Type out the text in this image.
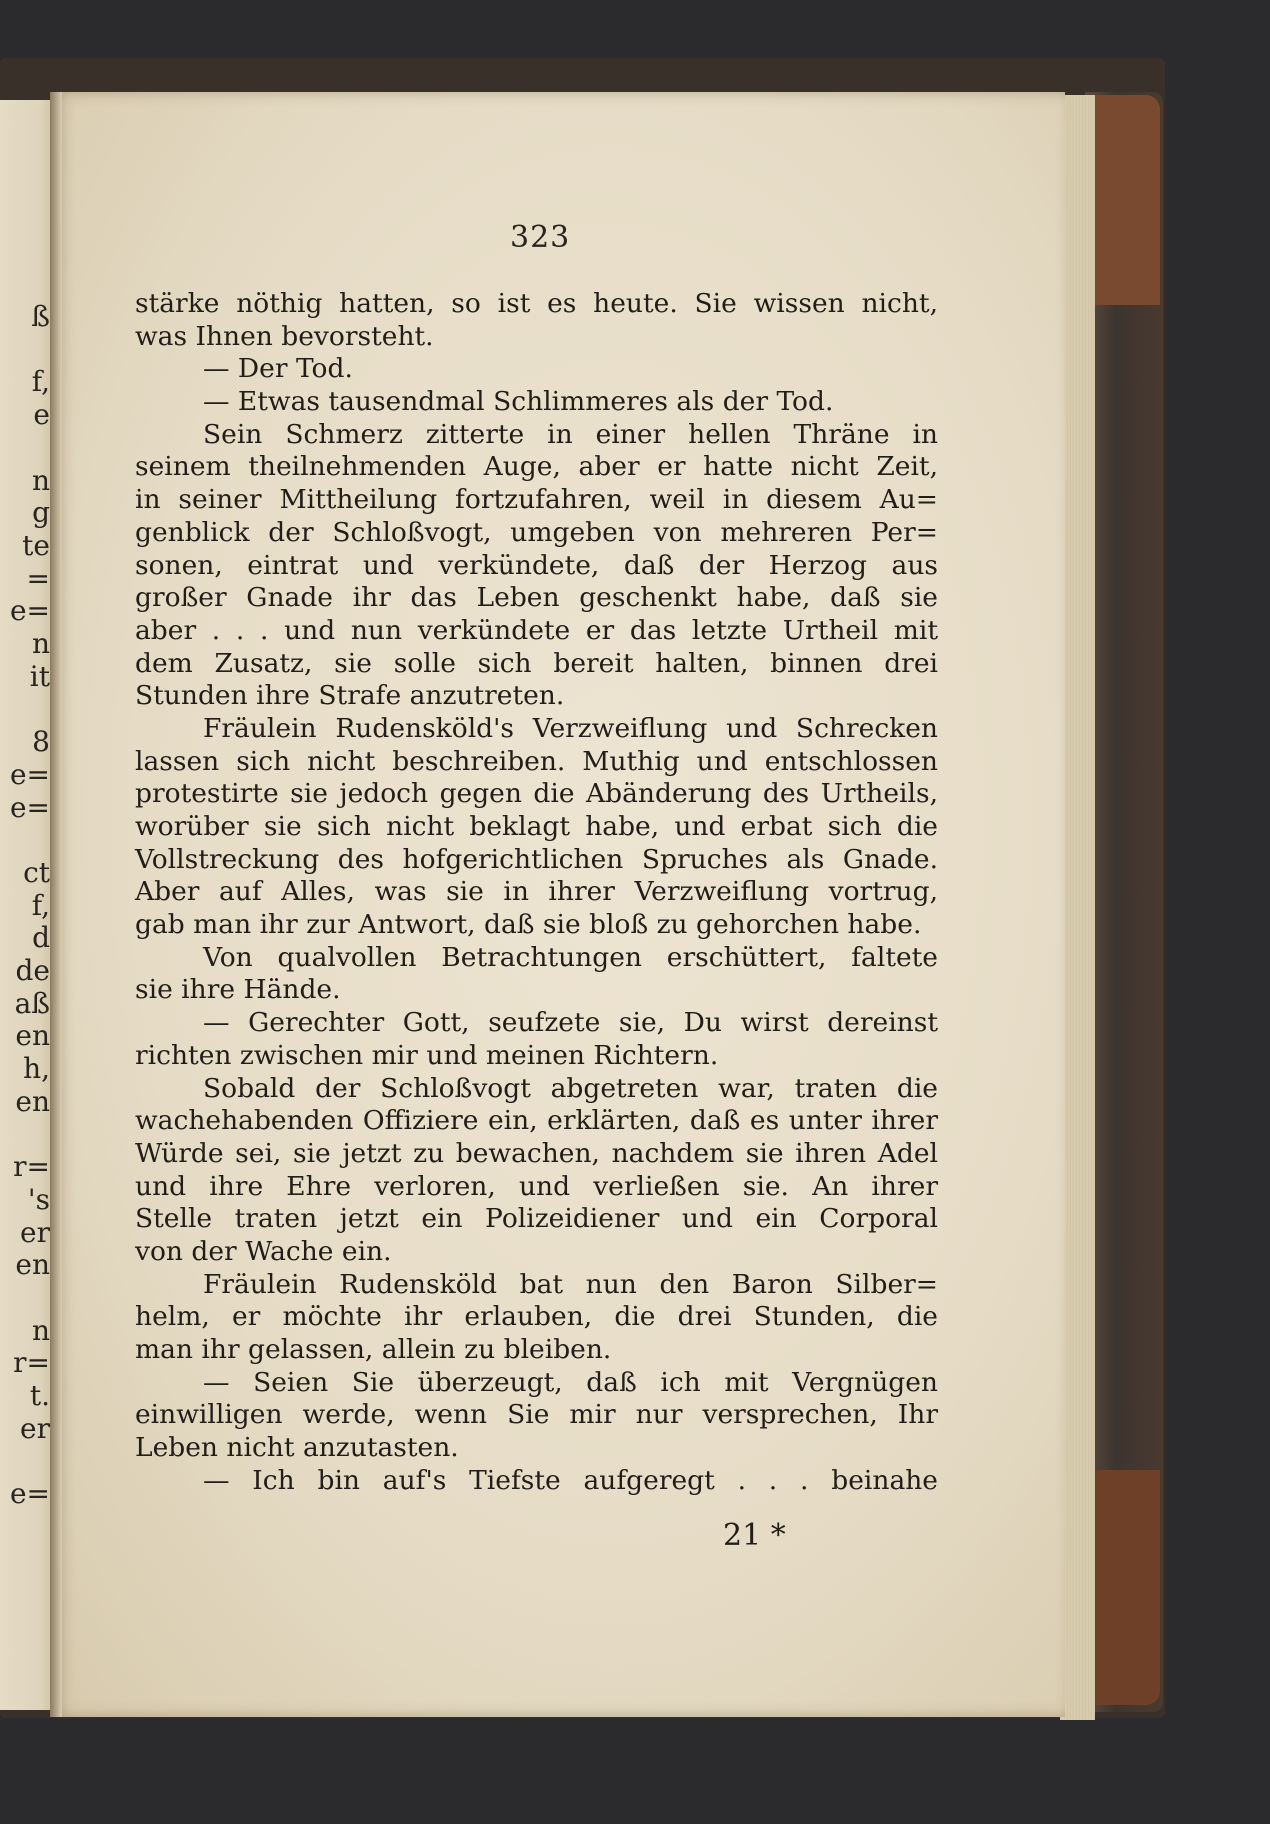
ß
f,
e
n
g
te
=
e=
n
it
8
e=
e=
ct
f,
d
de
aß
en
h,
en
r=
's
er
en
n
r=
t.
er
e=
323
stärke nöthig hatten, so ist es heute. Sie wissen nicht,
was Ihnen bevorsteht.
— Der Tod.
— Etwas tausendmal Schlimmeres als der Tod.
Sein Schmerz zitterte in einer hellen Thräne in
seinem theilnehmenden Auge, aber er hatte nicht Zeit,
in seiner Mittheilung fortzufahren, weil in diesem Au=
genblick der Schloßvogt, umgeben von mehreren Per=
sonen, eintrat und verkündete, daß der Herzog aus
großer Gnade ihr das Leben geschenkt habe, daß sie
aber . . . und nun verkündete er das letzte Urtheil mit
dem Zusatz, sie solle sich bereit halten, binnen drei
Stunden ihre Strafe anzutreten.
Fräulein Rudensköld's Verzweiflung und Schrecken
lassen sich nicht beschreiben. Muthig und entschlossen
protestirte sie jedoch gegen die Abänderung des Urtheils,
worüber sie sich nicht beklagt habe, und erbat sich die
Vollstreckung des hofgerichtlichen Spruches als Gnade.
Aber auf Alles, was sie in ihrer Verzweiflung vortrug,
gab man ihr zur Antwort, daß sie bloß zu gehorchen habe.
Von qualvollen Betrachtungen erschüttert, faltete
sie ihre Hände.
— Gerechter Gott, seufzete sie, Du wirst dereinst
richten zwischen mir und meinen Richtern.
Sobald der Schloßvogt abgetreten war, traten die
wachehabenden Offiziere ein, erklärten, daß es unter ihrer
Würde sei, sie jetzt zu bewachen, nachdem sie ihren Adel
und ihre Ehre verloren, und verließen sie. An ihrer
Stelle traten jetzt ein Polizeidiener und ein Corporal
von der Wache ein.
Fräulein Rudensköld bat nun den Baron Silber=
helm, er möchte ihr erlauben, die drei Stunden, die
man ihr gelassen, allein zu bleiben.
— Seien Sie überzeugt, daß ich mit Vergnügen
einwilligen werde, wenn Sie mir nur versprechen, Ihr
Leben nicht anzutasten.
— Ich bin auf's Tiefste aufgeregt . . . beinahe
21 *
